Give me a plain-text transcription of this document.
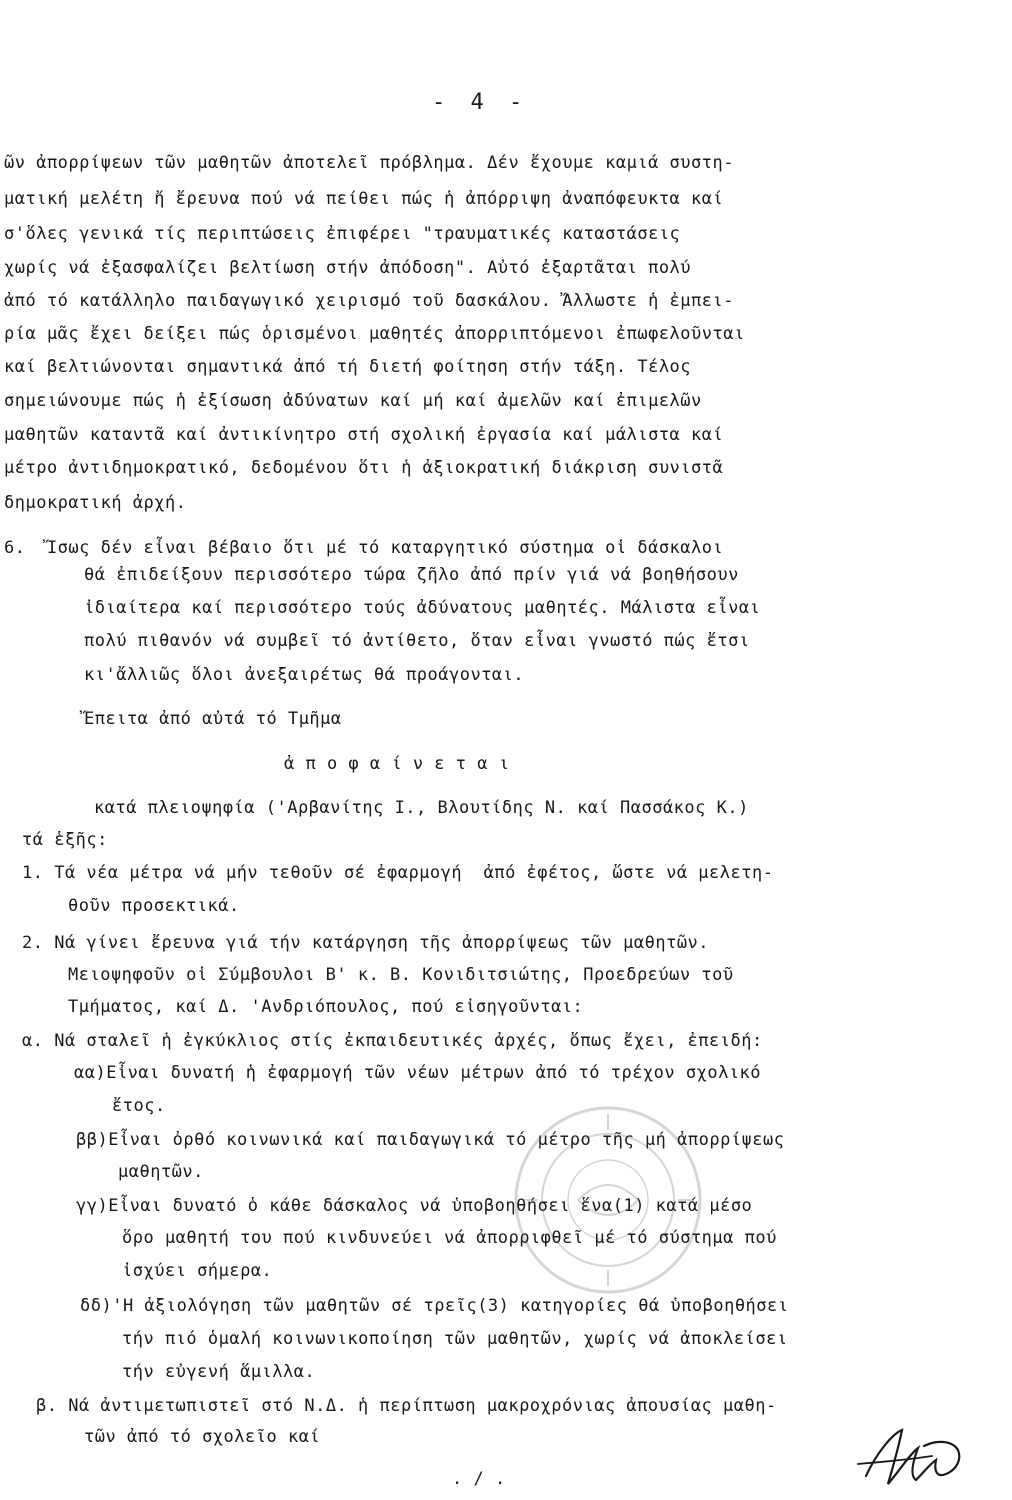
- 4 -
ῶν ἀπορρίψεων τῶν μαθητῶν ἀποτελεῖ πρόβλημα. Δέν ἔχουμε καμιά συστη-
ματική μελέτη ἤ ἔρευνα πού νά πείθει πώς ἡ ἀπόρριψη ἀναπόφευκτα καί
σ'ὅλες γενικά τίς περιπτώσεις ἐπιφέρει "τραυματικές καταστάσεις
χωρίς νά ἐξασφαλίζει βελτίωση στήν ἀπόδοση". Αὐτό ἐξαρτᾶται πολύ
ἀπό τό κατάλληλο παιδαγωγικό χειρισμό τοῦ δασκάλου. Ἄλλωστε ἡ ἐμπει-
ρία μᾶς ἔχει δείξει πώς ὁρισμένοι μαθητές ἀπορριπτόμενοι ἐπωφελοῦνται
καί βελτιώνονται σημαντικά ἀπό τή διετή φοίτηση στήν τάξη. Τέλος
σημειώνουμε πώς ἡ ἐξίσωση ἀδύνατων καί μή καί ἀμελῶν καί ἐπιμελῶν
μαθητῶν καταντᾶ καί ἀντικίνητρο στή σχολική ἐργασία καί μάλιστα καί
μέτρο ἀντιδημοκρατικό, δεδομένου ὅτι ἡ ἀξιοκρατική διάκριση συνιστᾶ
δημοκρατική ἀρχή.
6.  Ἴσως δέν εἶναι βέβαιο ὅτι μέ τό καταργητικό σύστημα οἱ δάσκαλοι
θά ἐπιδείξουν περισσότερο τώρα ζῆλο ἀπό πρίν γιά νά βοηθήσουν
ἰδιαίτερα καί περισσότερο τούς ἀδύνατους μαθητές. Μάλιστα εἶναι
πολύ πιθανόν νά συμβεῖ τό ἀντίθετο, ὅταν εἶναι γνωστό πώς ἔτσι
κι'ἄλλιῶς ὅλοι ἀνεξαιρέτως θά προάγονται.
Ἔπειτα ἀπό αὐτά τό Τμῆμα
ἀ π ο φ α ί ν ε τ α ι
κατά πλειοψηφία ('Αρβανίτης Ι., Βλουτίδης Ν. καί Πασσάκος Κ.)
τά ἑξῆς:
1. Τά νέα μέτρα νά μήν τεθοῦν σέ ἐφαρμογή  ἀπό ἐφέτος, ὥστε νά μελετη-
θοῦν προσεκτικά.
2. Νά γίνει ἔρευνα γιά τήν κατάργηση τῆς ἀπορρίψεως τῶν μαθητῶν.
Μειοψηφοῦν οἱ Σύμβουλοι Β' κ. Β. Κονιδιτσιώτης, Προεδρεύων τοῦ
Τμήματος, καί Δ. 'Ανδριόπουλος, πού εἰσηγοῦνται:
α. Νά σταλεῖ ἡ ἐγκύκλιος στίς ἐκπαιδευτικές ἀρχές, ὅπως ἔχει, ἐπειδή:
αα)Εἶναι δυνατή ἡ ἐφαρμογή τῶν νέων μέτρων ἀπό τό τρέχον σχολικό
ἔτος.
ββ)Εἶναι ὀρθό κοινωνικά καί παιδαγωγικά τό μέτρο τῆς μή ἀπορρίψεως
μαθητῶν.
γγ)Εἶναι δυνατό ὁ κάθε δάσκαλος νά ὑποβοηθήσει ἕνα(1) κατά μέσο
ὅρο μαθητή του πού κινδυνεύει νά ἀπορριφθεῖ μέ τό σύστημα πού
ἰσχύει σήμερα.
δδ)'Η ἀξιολόγηση τῶν μαθητῶν σέ τρεῖς(3) κατηγορίες θά ὑποβοηθήσει
τήν πιό ὁμαλή κοινωνικοποίηση τῶν μαθητῶν, χωρίς νά ἀποκλείσει
τήν εὐγενή ἅμιλλα.
β. Νά ἀντιμετωπιστεῖ στό Ν.Δ. ἡ περίπτωση μακροχρόνιας ἀπουσίας μαθη-
τῶν ἀπό τό σχολεῖο καί
. / .
